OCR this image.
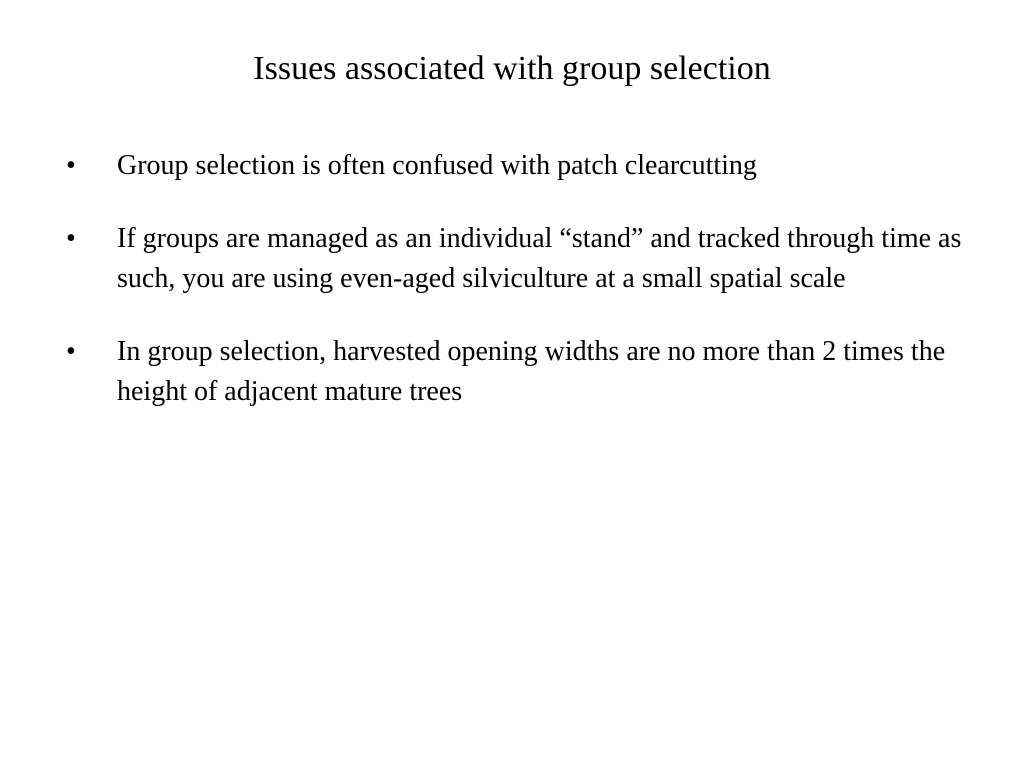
Issues associated with group selection
•	Group selection is often confused with patch clearcutting
•	If groups are managed as an individual “stand” and tracked through time as such, you are using even-aged silviculture at a small spatial scale
•	In group selection, harvested opening widths are no more than 2 times the height of adjacent mature trees
